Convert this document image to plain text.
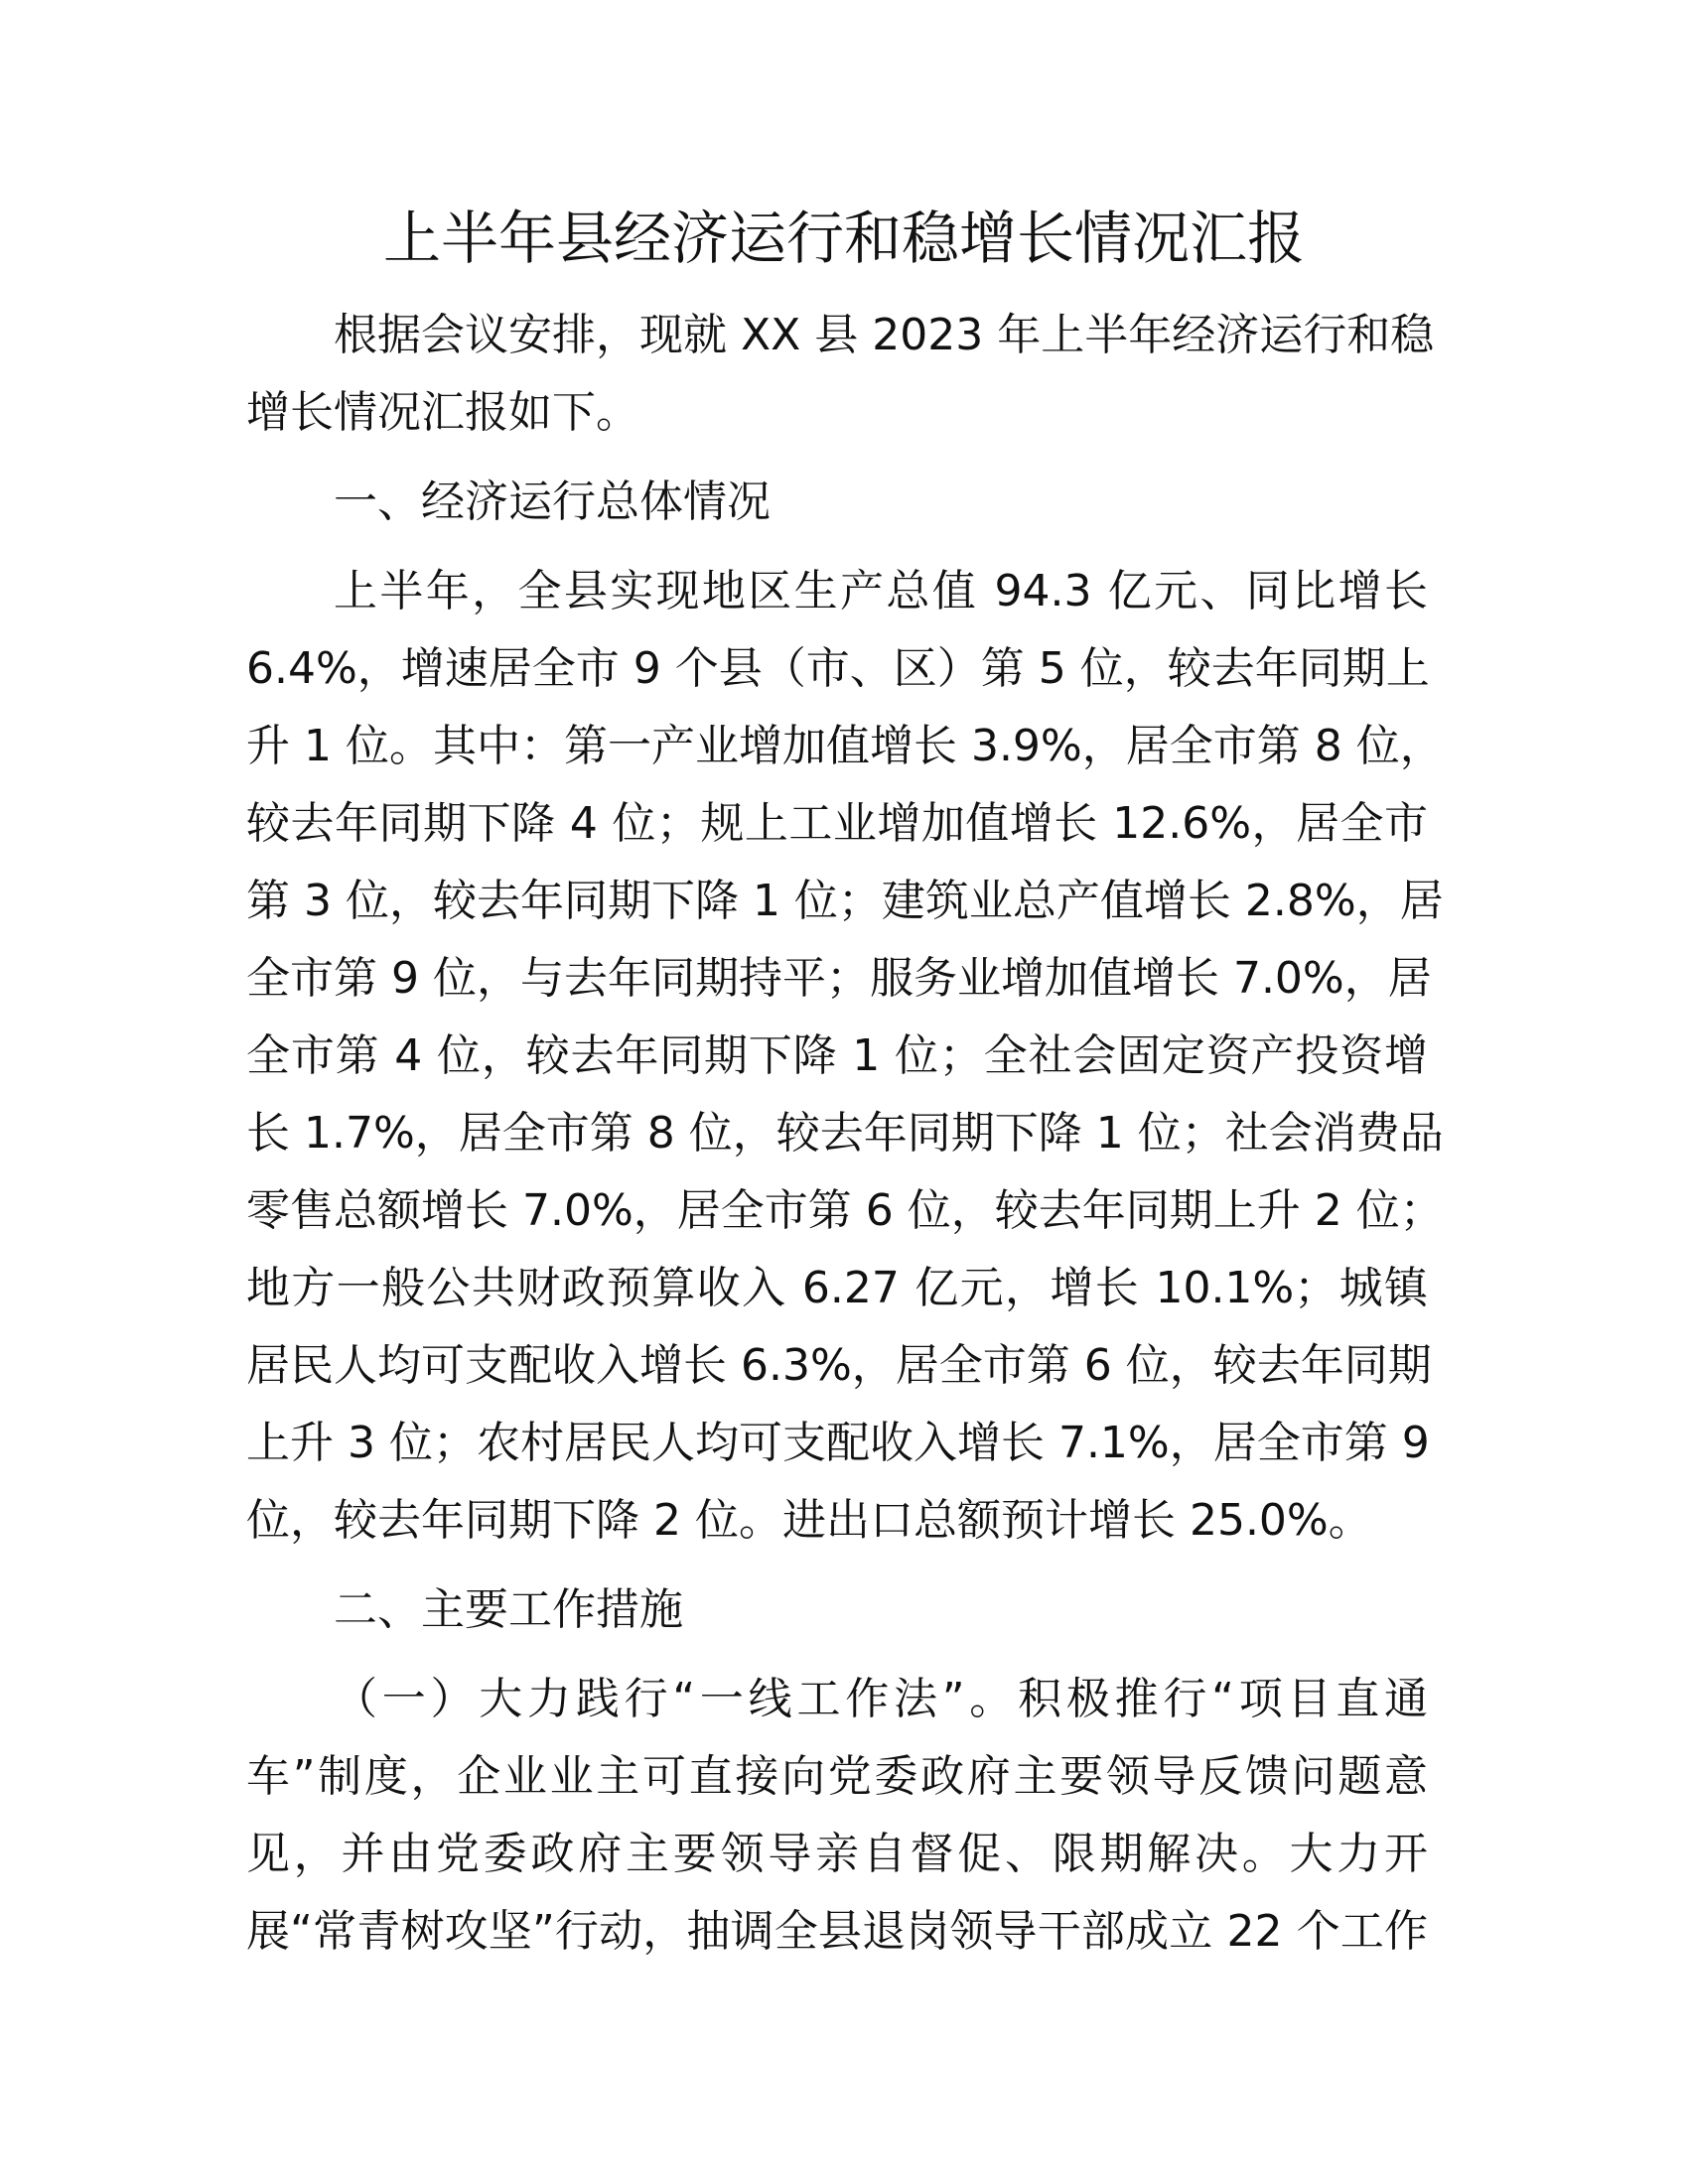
上半年县经济运行和稳增长情况汇报
根据会议安排，现就 XX 县 2023 年上半年经济运行和稳
增长情况汇报如下。
一、经济运行总体情况
上半年，全县实现地区生产总值 94.3 亿元、同比增长
6.4%，增速居全市 9 个县（市、区）第 5 位，较去年同期上
升 1 位。其中：第一产业增加值增长 3.9%，居全市第 8 位，
较去年同期下降 4 位；规上工业增加值增长 12.6%，居全市
第 3 位，较去年同期下降 1 位；建筑业总产值增长 2.8%，居
全市第 9 位，与去年同期持平；服务业增加值增长 7.0%，居
全市第 4 位，较去年同期下降 1 位；全社会固定资产投资增
长 1.7%，居全市第 8 位，较去年同期下降 1 位；社会消费品
零售总额增长 7.0%，居全市第 6 位，较去年同期上升 2 位；
地方一般公共财政预算收入 6.27 亿元，增长 10.1%；城镇
居民人均可支配收入增长 6.3%，居全市第 6 位，较去年同期
上升 3 位；农村居民人均可支配收入增长 7.1%，居全市第 9
位，较去年同期下降 2 位。进出口总额预计增长 25.0%。
二、主要工作措施
（一）大力践行“一线工作法”。积极推行“项目直通
车”制度，企业业主可直接向党委政府主要领导反馈问题意
见，并由党委政府主要领导亲自督促、限期解决。大力开
展“常青树攻坚”行动，抽调全县退岗领导干部成立 22 个工作
